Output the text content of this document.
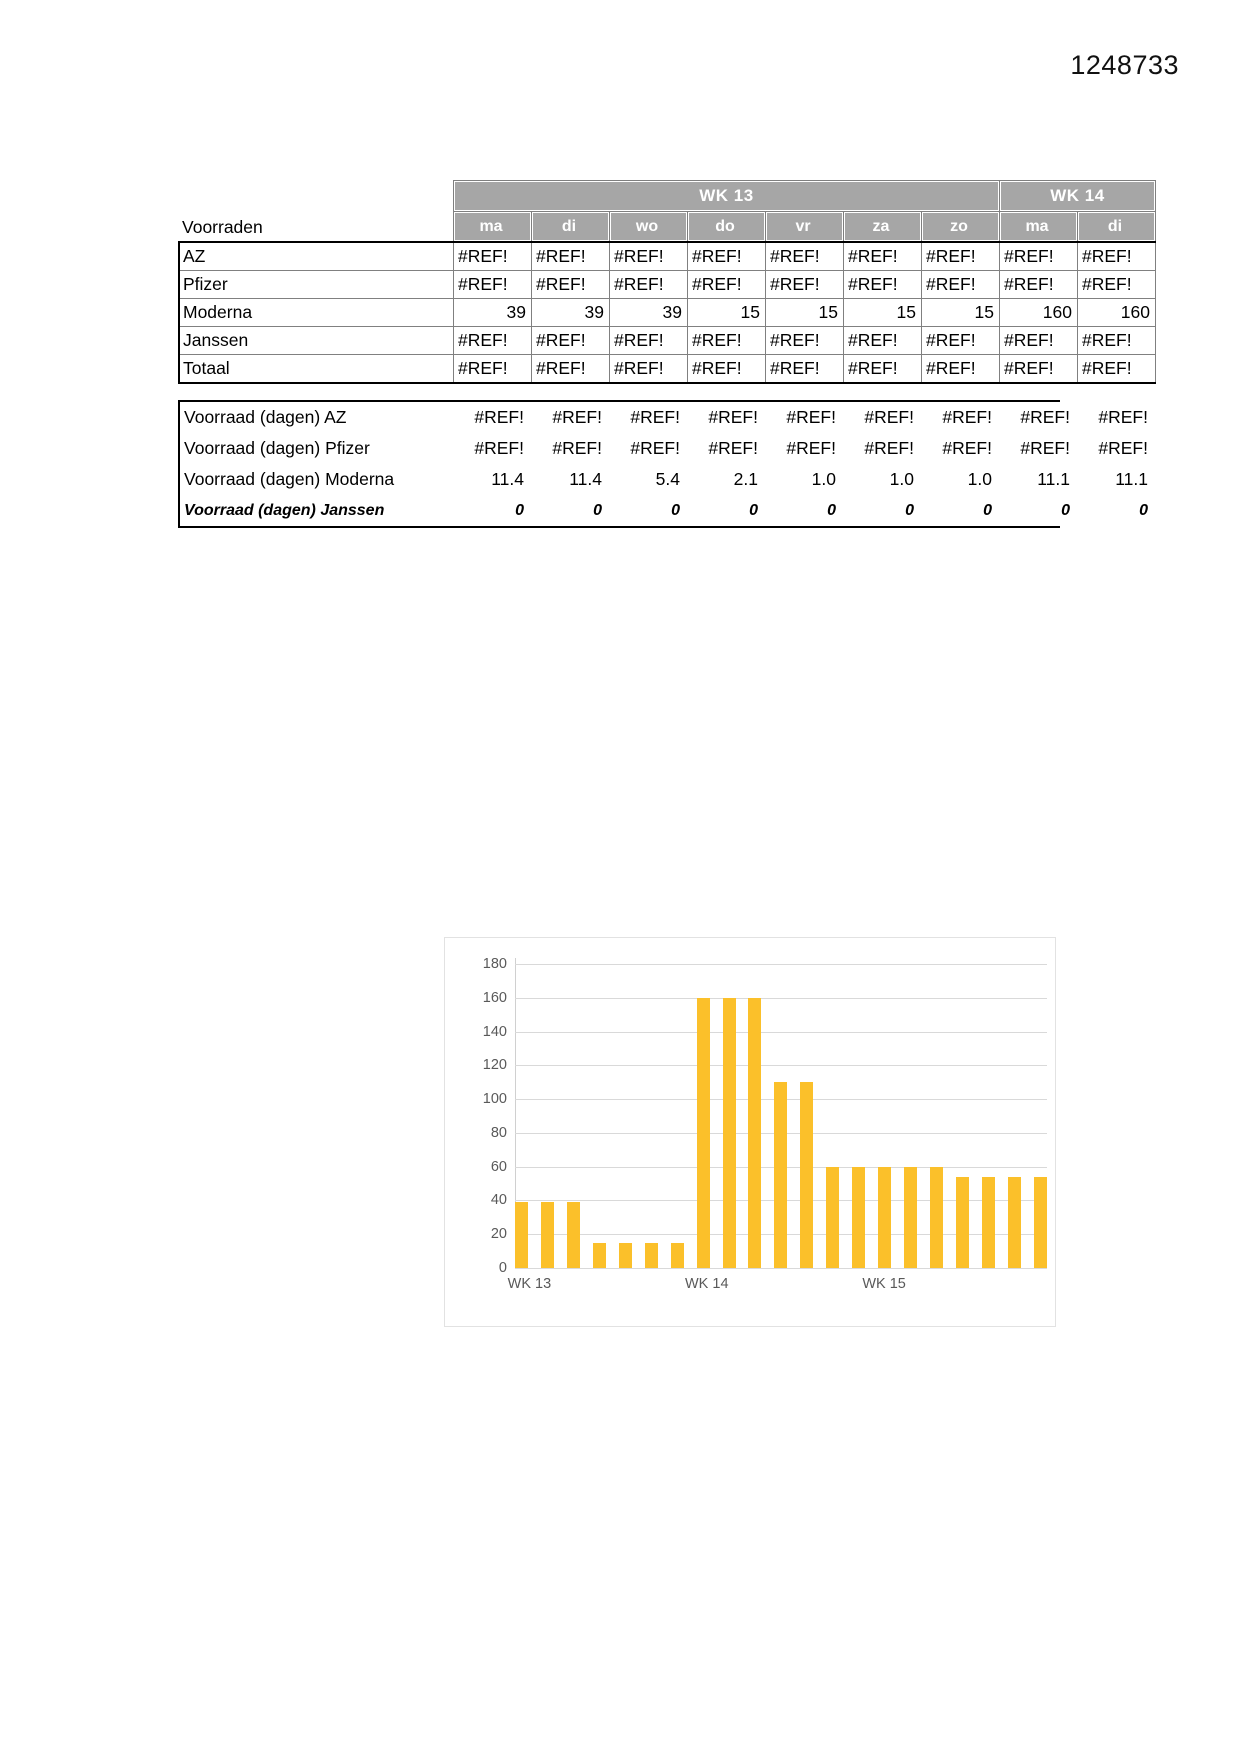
1248733
	WK 13							WK 14	
Voorraden	ma	di	wo	do	vr	za	zo	ma	di
AZ	#REF!	#REF!	#REF!	#REF!	#REF!	#REF!	#REF!	#REF!	#REF!
Pfizer	#REF!	#REF!	#REF!	#REF!	#REF!	#REF!	#REF!	#REF!	#REF!
Moderna	39	39	39	15	15	15	15	160	160
Janssen	#REF!	#REF!	#REF!	#REF!	#REF!	#REF!	#REF!	#REF!	#REF!
Totaal	#REF!	#REF!	#REF!	#REF!	#REF!	#REF!	#REF!	#REF!	#REF!
Voorraad (dagen) AZ	#REF!	#REF!	#REF!	#REF!	#REF!	#REF!	#REF!	#REF!	#REF!
Voorraad (dagen) Pfizer	#REF!	#REF!	#REF!	#REF!	#REF!	#REF!	#REF!	#REF!	#REF!
Voorraad (dagen) Moderna	11.4	11.4	5.4	2.1	1.0	1.0	1.0	11.1	11.1
Voorraad (dagen) Janssen	0	0	0	0	0	0	0	0	0
0
20
40
60
80
100
120
140
160
180
WK 13	WK 14	WK 15
